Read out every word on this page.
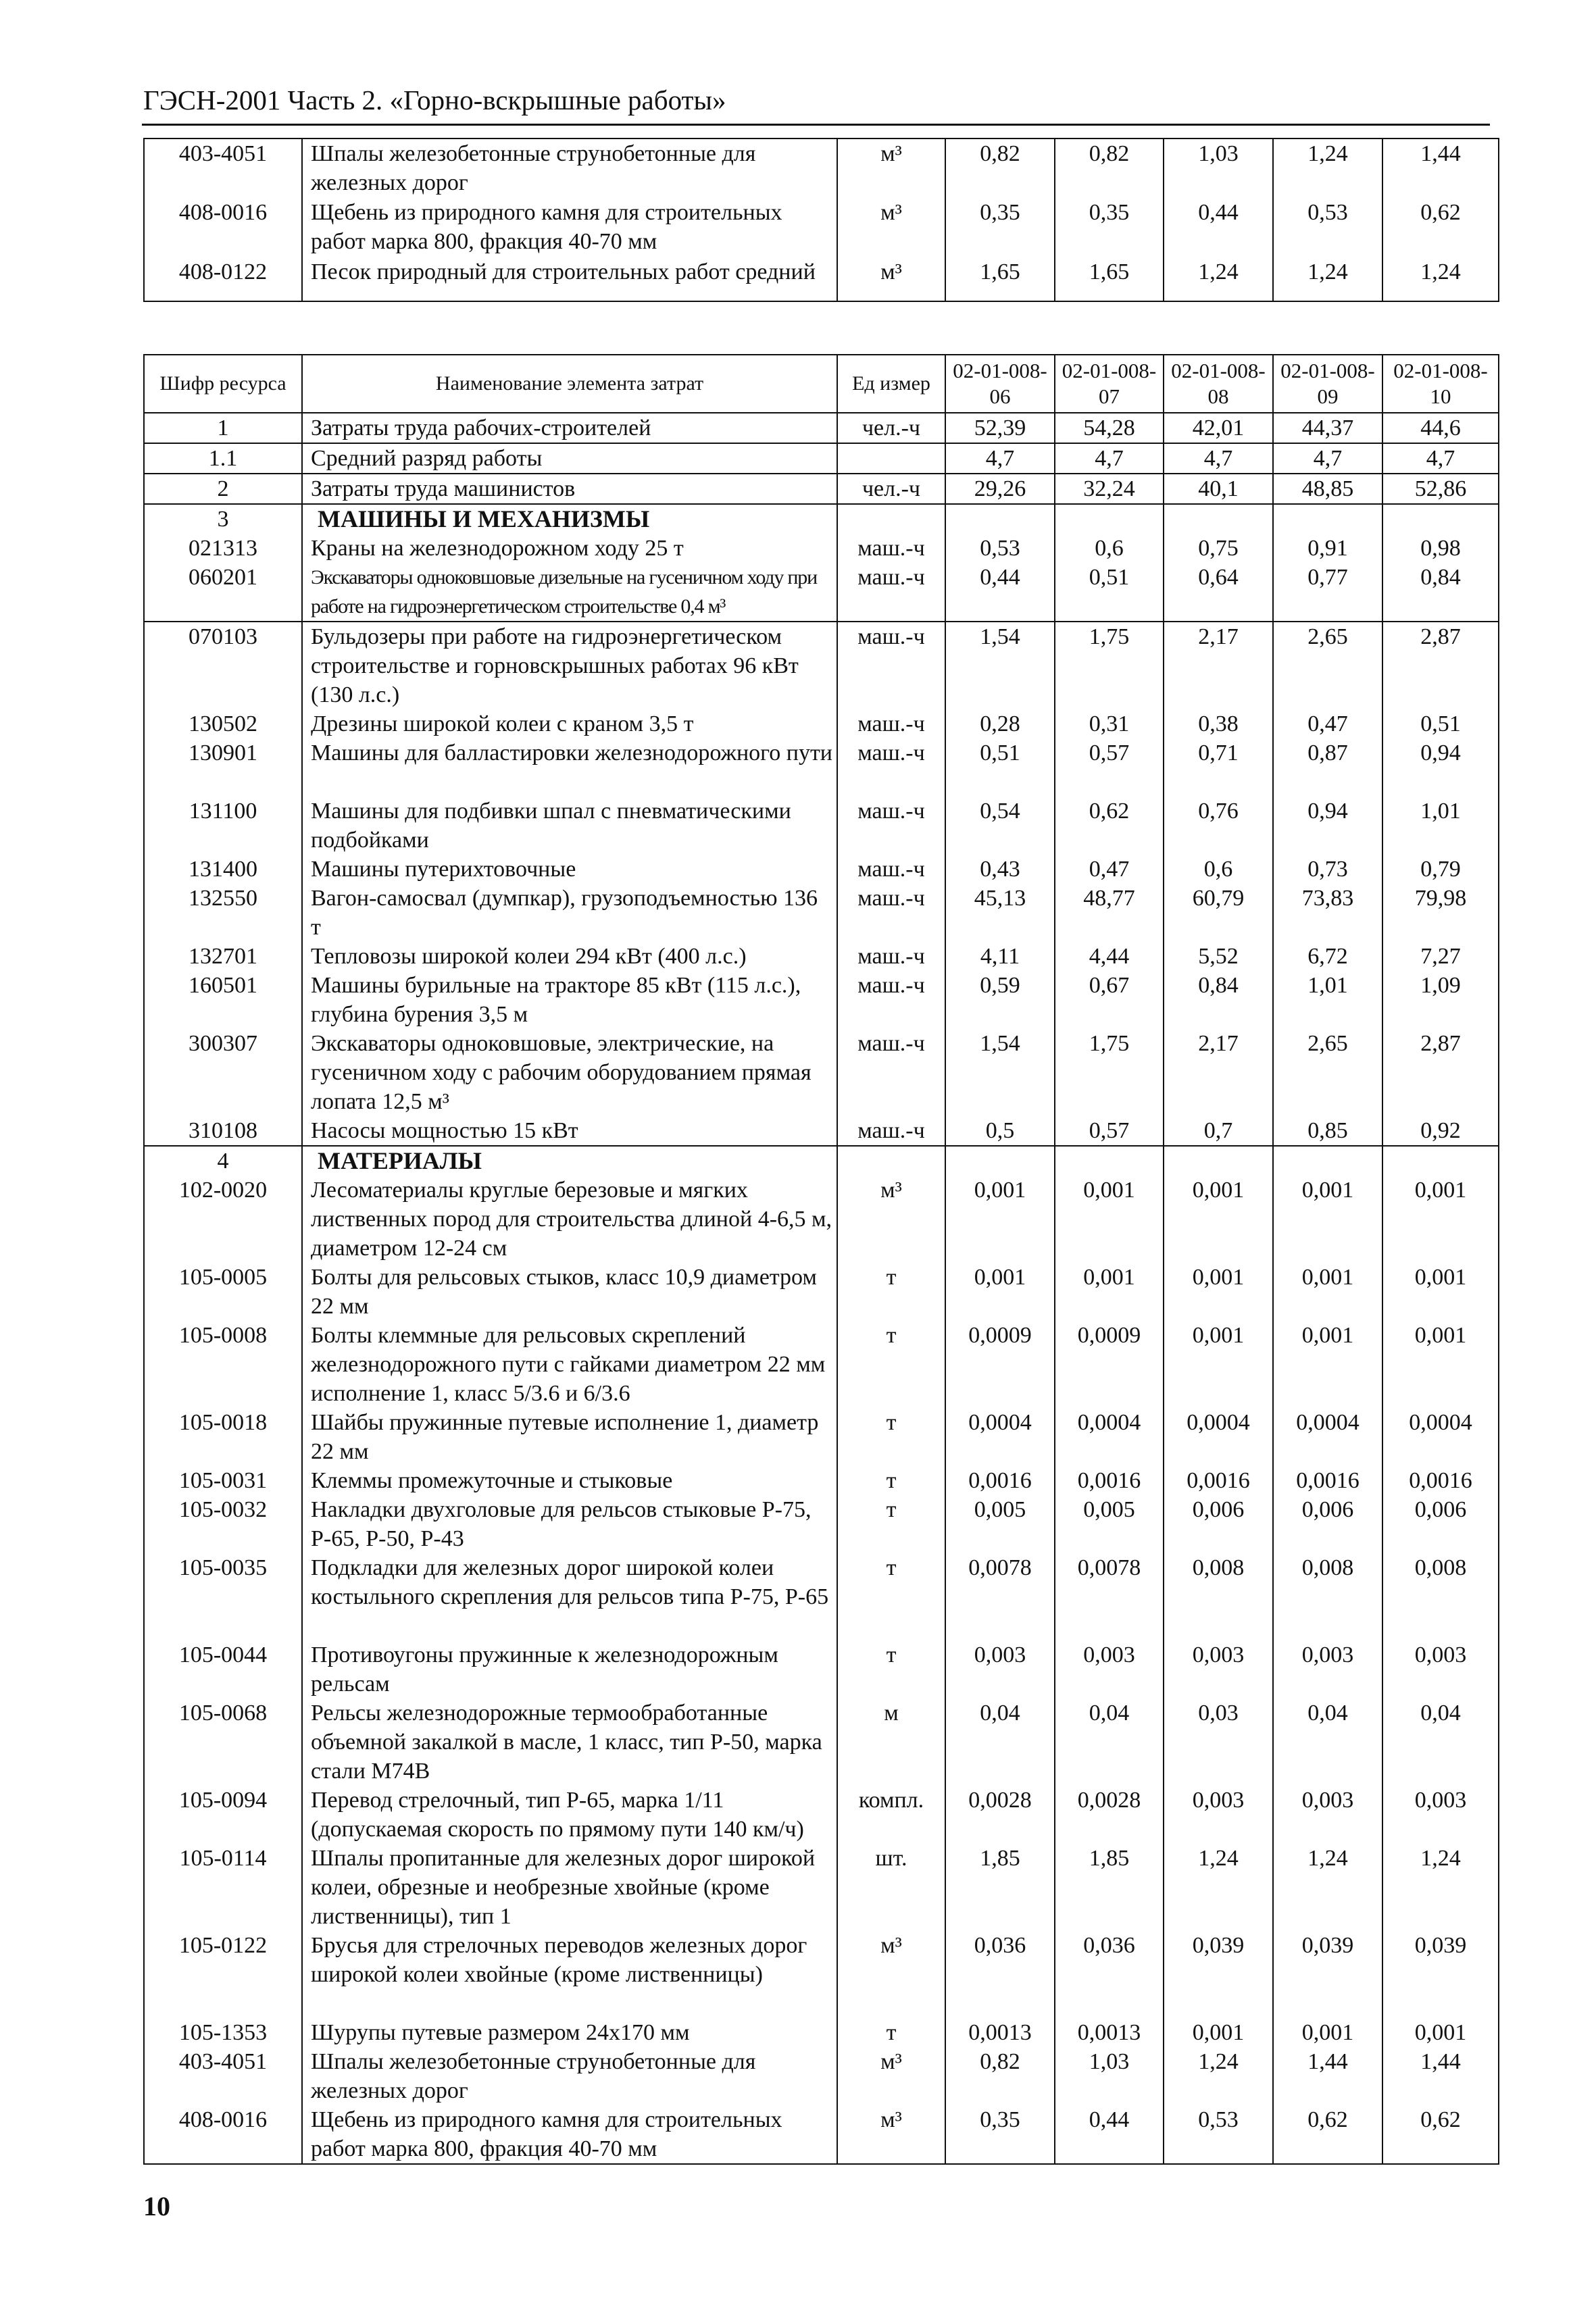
ГЭСН-2001 Часть 2. «Горно-вскрышные работы»
403-4051	Шпалы железобетонные струнобетонные для железных дорог	м³	0,82	0,82	1,03	1,24	1,44
408-0016	Щебень из природного камня для строительных работ марка 800, фракция 40-70 мм	м³	0,35	0,35	0,44	0,53	0,62
408-0122	Песок природный для строительных работ средний	м³	1,65	1,65	1,24	1,24	1,24
Шифр ресурса	Наименование элемента затрат	Ед измер	02-01-008-06	02-01-008-07	02-01-008-08	02-01-008-09	02-01-008-10
1	Затраты труда рабочих-строителей	чел.-ч	52,39	54,28	42,01	44,37	44,6
1.1	Средний разряд работы		4,7	4,7	4,7	4,7	4,7
2	Затраты труда машинистов	чел.-ч	29,26	32,24	40,1	48,85	52,86
3	МАШИНЫ И МЕХАНИЗМЫ						
021313	Краны на железнодорожном ходу 25 т	маш.-ч	0,53	0,6	0,75	0,91	0,98
060201	Экскаваторы одноковшовые дизельные на гусеничном ходу при работе на гидроэнергетическом строительстве 0,4 м³	маш.-ч	0,44	0,51	0,64	0,77	0,84
070103	Бульдозеры при работе на гидроэнергетическом строительстве и горновскрышных работах 96 кВт (130 л.с.)	маш.-ч	1,54	1,75	2,17	2,65	2,87
130502	Дрезины широкой колеи с краном 3,5 т	маш.-ч	0,28	0,31	0,38	0,47	0,51
130901	Машины для балластировки железнодорожного пути	маш.-ч	0,51	0,57	0,71	0,87	0,94
131100	Машины для подбивки шпал с пневматическими подбойками	маш.-ч	0,54	0,62	0,76	0,94	1,01
131400	Машины путерихтовочные	маш.-ч	0,43	0,47	0,6	0,73	0,79
132550	Вагон-самосвал (думпкар), грузоподъемностью 136 т	маш.-ч	45,13	48,77	60,79	73,83	79,98
132701	Тепловозы широкой колеи 294 кВт (400 л.с.)	маш.-ч	4,11	4,44	5,52	6,72	7,27
160501	Машины бурильные на тракторе 85 кВт (115 л.с.), глубина бурения 3,5 м	маш.-ч	0,59	0,67	0,84	1,01	1,09
300307	Экскаваторы одноковшовые, электрические, на гусеничном ходу с рабочим оборудованием прямая лопата 12,5 м³	маш.-ч	1,54	1,75	2,17	2,65	2,87
310108	Насосы мощностью 15 кВт	маш.-ч	0,5	0,57	0,7	0,85	0,92
4	МАТЕРИАЛЫ						
102-0020	Лесоматериалы круглые березовые и мягких лиственных пород для строительства длиной 4-6,5 м, диаметром 12-24 см	м³	0,001	0,001	0,001	0,001	0,001
105-0005	Болты для рельсовых стыков, класс 10,9 диаметром 22 мм	т	0,001	0,001	0,001	0,001	0,001
105-0008	Болты клеммные для рельсовых скреплений железнодорожного пути с гайками диаметром 22 мм исполнение 1, класс 5/3.6 и 6/3.6	т	0,0009	0,0009	0,001	0,001	0,001
105-0018	Шайбы пружинные путевые исполнение 1, диаметр 22 мм	т	0,0004	0,0004	0,0004	0,0004	0,0004
105-0031	Клеммы промежуточные и стыковые	т	0,0016	0,0016	0,0016	0,0016	0,0016
105-0032	Накладки двухголовые для рельсов стыковые Р-75, Р-65, Р-50, Р-43	т	0,005	0,005	0,006	0,006	0,006
105-0035	Подкладки для железных дорог широкой колеи костыльного скрепления для рельсов типа Р-75, Р-65	т	0,0078	0,0078	0,008	0,008	0,008
105-0044	Противоугоны пружинные к железнодорожным рельсам	т	0,003	0,003	0,003	0,003	0,003
105-0068	Рельсы железнодорожные термообработанные объемной закалкой в масле, 1 класс, тип Р-50, марка стали М74В	м	0,04	0,04	0,03	0,04	0,04
105-0094	Перевод стрелочный, тип Р-65, марка 1/11 (допускаемая скорость по прямому пути 140 км/ч)	компл.	0,0028	0,0028	0,003	0,003	0,003
105-0114	Шпалы пропитанные для железных дорог широкой колеи, обрезные и необрезные хвойные (кроме лиственницы), тип 1	шт.	1,85	1,85	1,24	1,24	1,24
105-0122	Брусья для стрелочных переводов железных дорог широкой колеи хвойные (кроме лиственницы)	м³	0,036	0,036	0,039	0,039	0,039
105-1353	Шурупы путевые размером 24х170 мм	т	0,0013	0,0013	0,001	0,001	0,001
403-4051	Шпалы железобетонные струнобетонные для железных дорог	м³	0,82	1,03	1,24	1,44	1,44
408-0016	Щебень из природного камня для строительных работ марка 800, фракция 40-70 мм	м³	0,35	0,44	0,53	0,62	0,62
10
